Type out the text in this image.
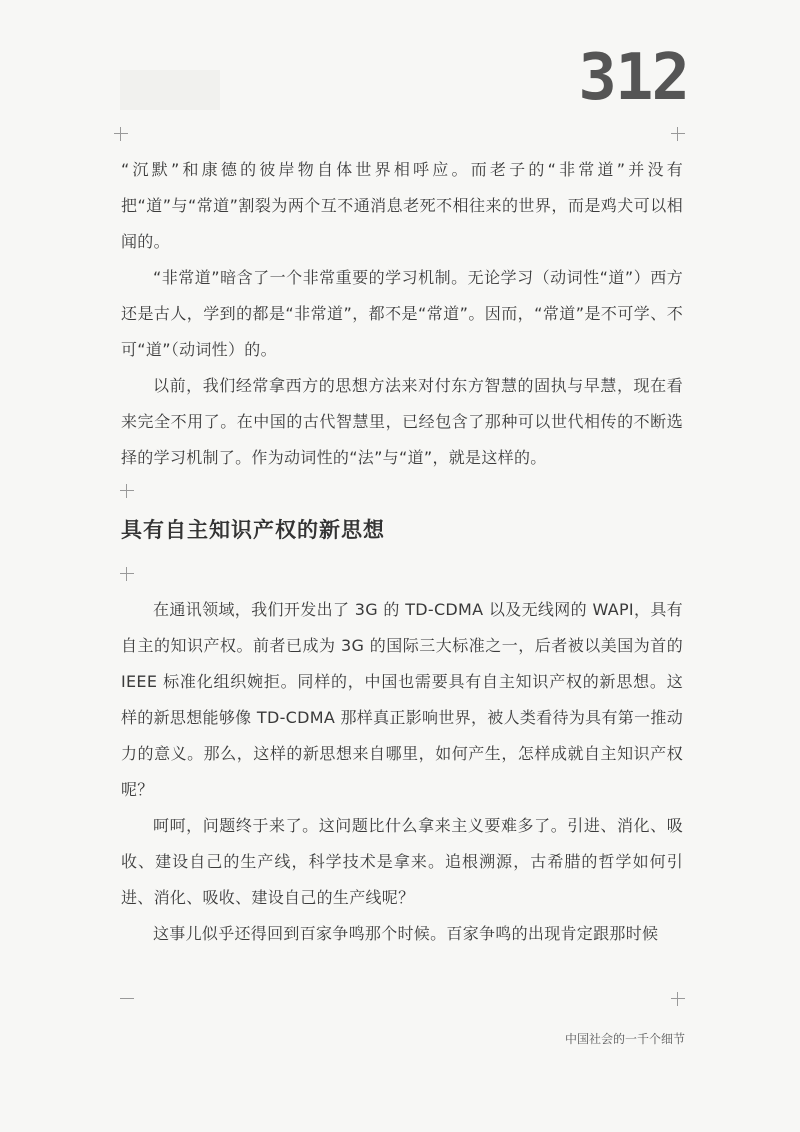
312

“沉默”和康德的彼岸物自体世界相呼应。而老子的“非常道”并没有把“道”与“常道”割裂为两个互不通消息老死不相往来的世界，而是鸡犬可以相闻的。

“非常道”暗含了一个非常重要的学习机制。无论学习（动词性“道”）西方还是古人，学到的都是“非常道”，都不是“常道”。因而，“常道”是不可学、不可“道”（动词性）的。

以前，我们经常拿西方的思想方法来对付东方智慧的固执与早慧，现在看来完全不用了。在中国的古代智慧里，已经包含了那种可以世代相传的不断选择的学习机制了。作为动词性的“法”与“道”，就是这样的。

具有自主知识产权的新思想

在通讯领域，我们开发出了 3G 的 TD-CDMA 以及无线网的 WAPI，具有自主的知识产权。前者已成为 3G 的国际三大标准之一，后者被以美国为首的 IEEE 标准化组织婉拒。同样的，中国也需要具有自主知识产权的新思想。这样的新思想能够像 TD-CDMA 那样真正影响世界，被人类看待为具有第一推动力的意义。那么，这样的新思想来自哪里，如何产生，怎样成就自主知识产权呢？

呵呵，问题终于来了。这问题比什么拿来主义要难多了。引进、消化、吸收、建设自己的生产线，科学技术是拿来。追根溯源，古希腊的哲学如何引进、消化、吸收、建设自己的生产线呢？

这事儿似乎还得回到百家争鸣那个时候。百家争鸣的出现肯定跟那时候

中国社会的一千个细节
